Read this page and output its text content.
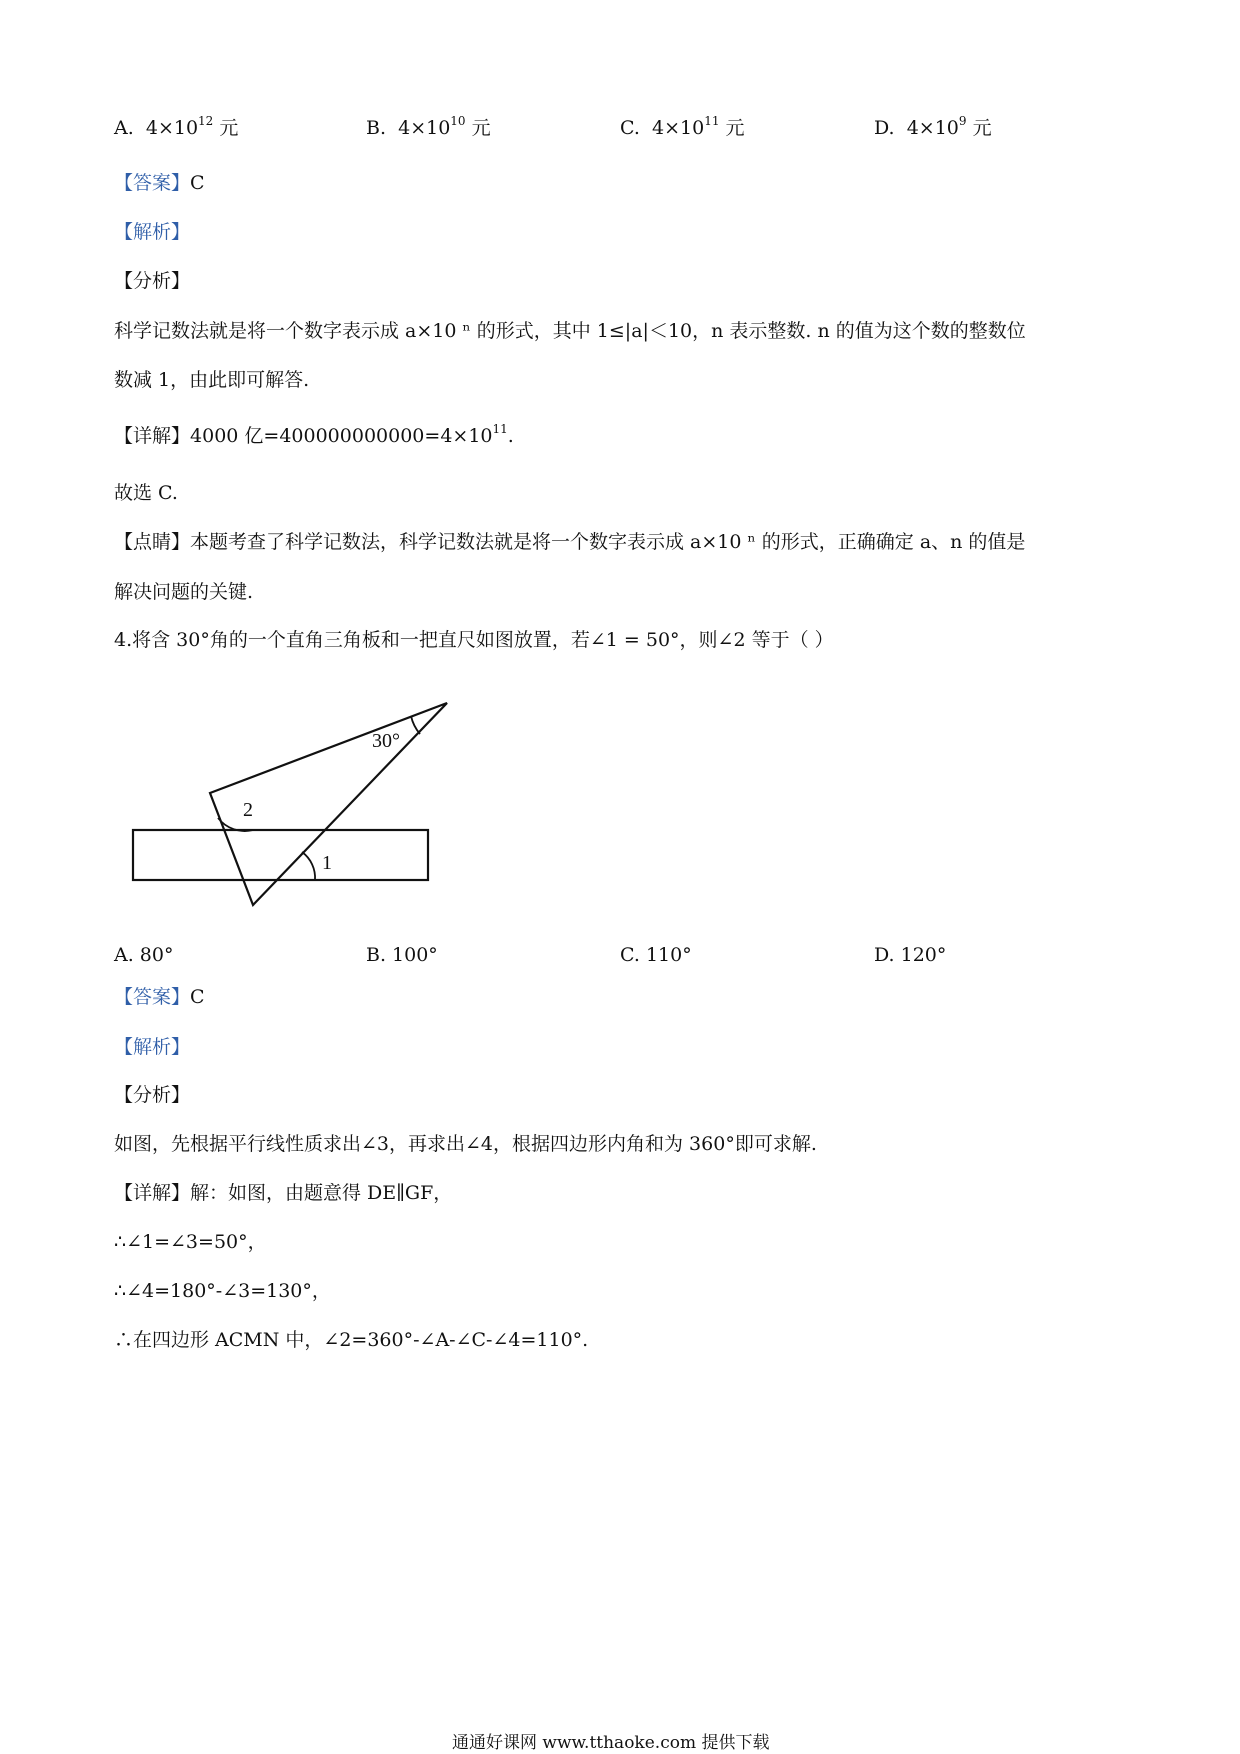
A. $4\times 10^{12}$ 元	B. $4\times 10^{10}$ 元	C. $4\times 10^{11}$ 元	D. $4\times 10^9$ 元
【答案】C
【解析】
【分析】
科学记数法就是将一个数字表示成 a×10 ⁿ 的形式，其中 1≤|a|＜10，n 表示整数. n 的值为这个数的整数位
数减 1，由此即可解答.
【详解】4000 亿$=400000000000=4\times 10^{11}$.
故选 C.
【点睛】本题考查了科学记数法，科学记数法就是将一个数字表示成 a×10 ⁿ 的形式，正确确定 a、n 的值是
解决问题的关键.
4.将含 30°角的一个直角三角板和一把直尺如图放置，若∠1 = 50°，则∠2 等于（ ）
30°
2
1
A. 80°	B. 100°	C. 110°	D. 120°
【答案】C
【解析】
【分析】
如图，先根据平行线性质求出∠3，再求出∠4，根据四边形内角和为 360°即可求解.
【详解】解：如图，由题意得 DE∥GF，
∴∠1=∠3=50°，
∴∠4=180°-∠3=130°，
∴在四边形 ACMN 中，∠2=360°-∠A-∠C-∠4=110°.
通通好课网 www.tthaoke.com 提供下载
